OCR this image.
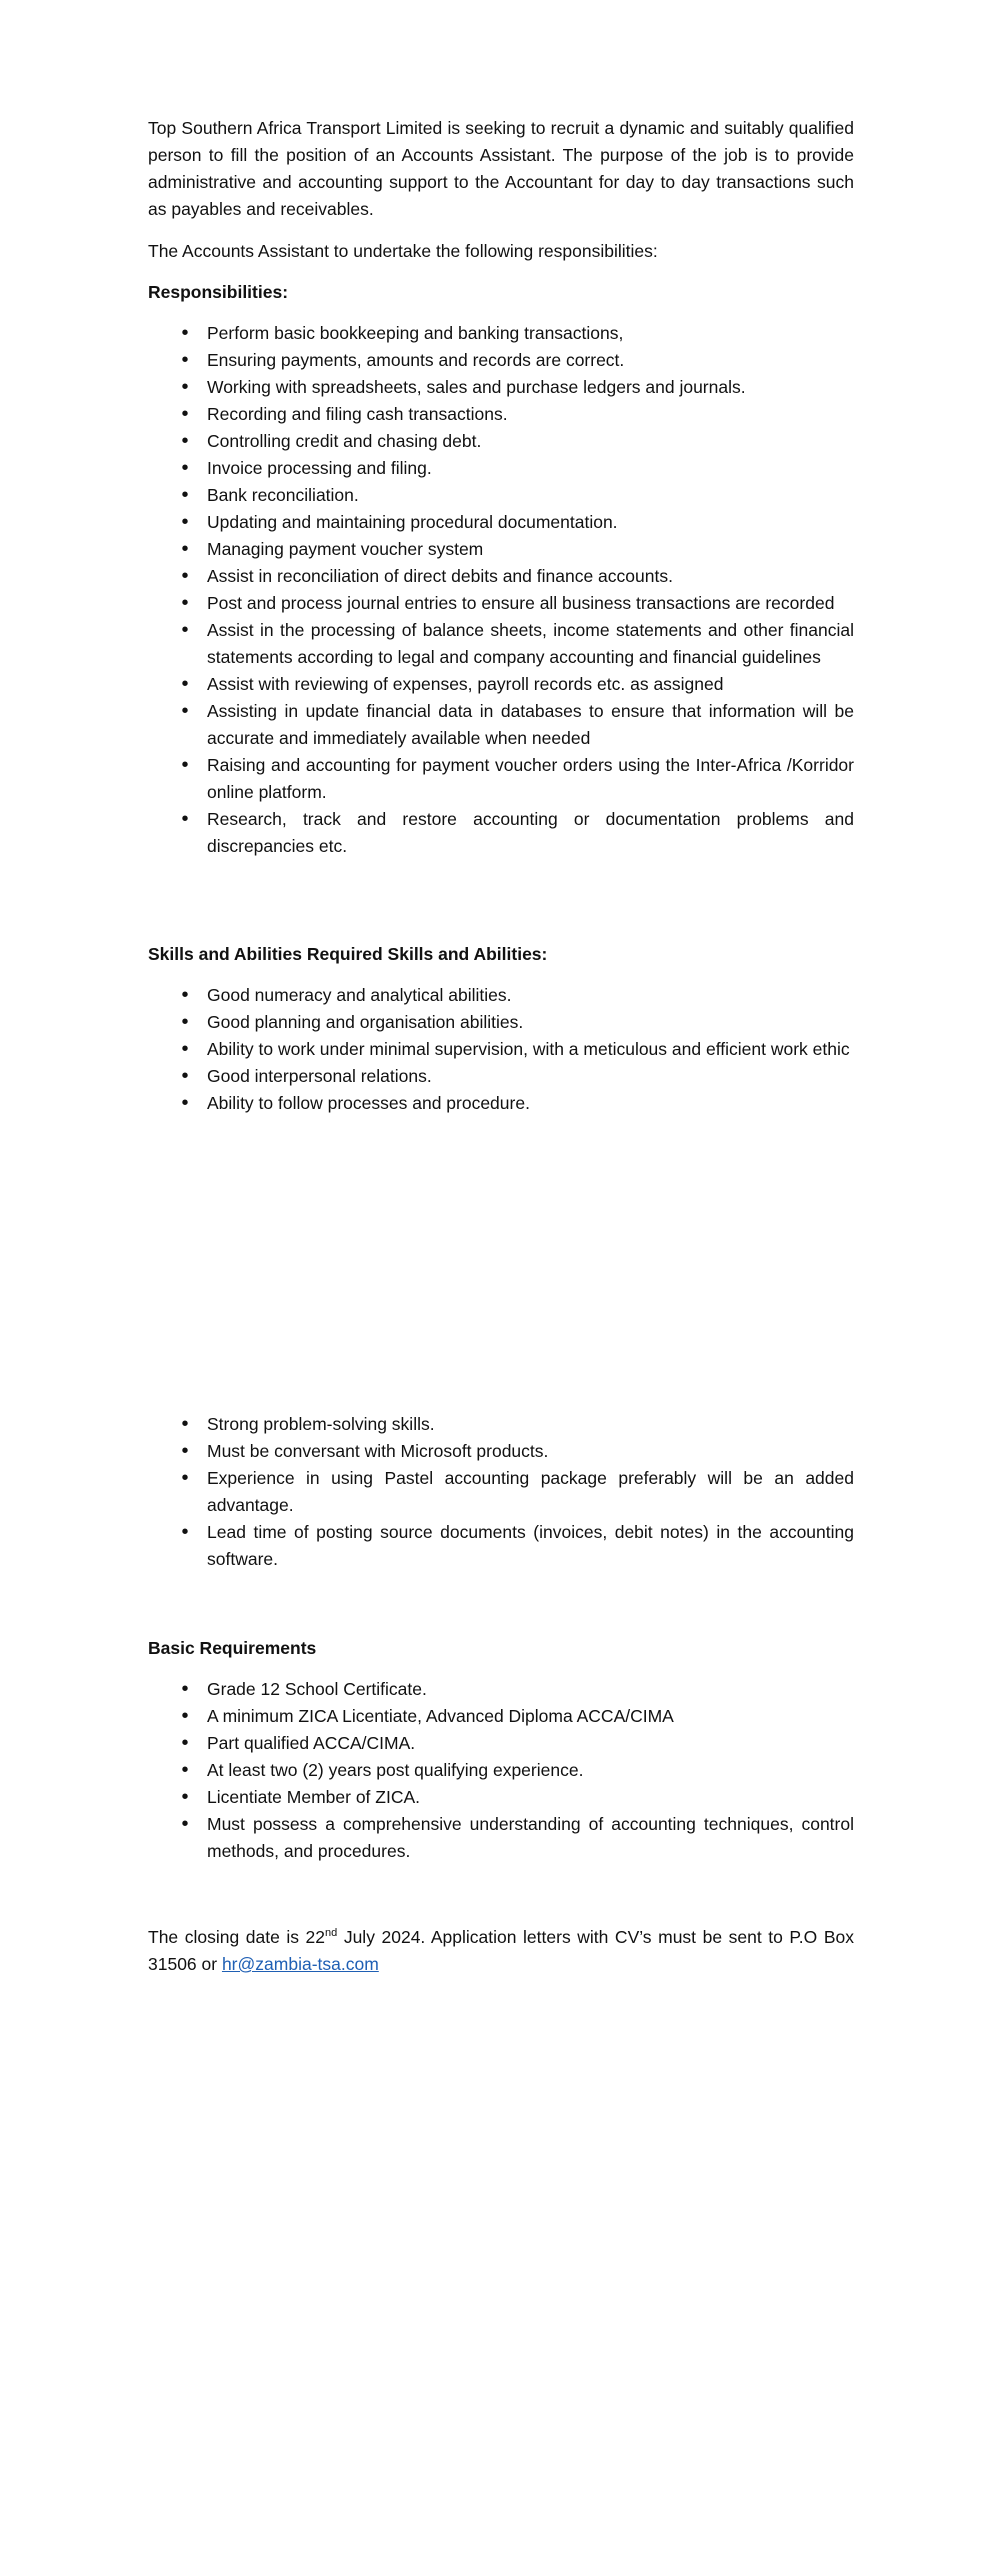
Top Southern Africa Transport Limited is seeking to recruit a dynamic and suitably qualified person to fill the position of an Accounts Assistant. The purpose of the job is to provide administrative and accounting support to the Accountant for day to day transactions such as payables and receivables.

The Accounts Assistant to undertake the following responsibilities:

Responsibilities:
•
Perform basic bookkeeping and banking transactions,
•
Ensuring payments, amounts and records are correct.
•
Working with spreadsheets, sales and purchase ledgers and journals.
•
Recording and filing cash transactions.
•
Controlling credit and chasing debt.
•
Invoice processing and filing.
•
Bank reconciliation.
•
Updating and maintaining procedural documentation.
•
Managing payment voucher system
•
Assist in reconciliation of direct debits and finance accounts.
•
Post and process journal entries to ensure all business transactions are recorded
•
Assist in the processing of balance sheets, income statements and other financial statements according to legal and company accounting and financial guidelines
•
Assist with reviewing of expenses, payroll records etc. as assigned
•
Assisting in update financial data in databases to ensure that information will be accurate and immediately available when needed
•
Raising and accounting for payment voucher orders using the Inter-Africa /Korridor online platform.
•
Research, track and restore accounting or documentation problems and discrepancies etc.
Skills and Abilities Required Skills and Abilities:
•
Good numeracy and analytical abilities.
•
Good planning and organisation abilities.
•
Ability to work under minimal supervision, with a meticulous and efficient work ethic
•
Good interpersonal relations.
•
Ability to follow processes and procedure.
•
Strong problem-solving skills.
•
Must be conversant with Microsoft products.
•
Experience in using Pastel accounting package preferably will be an added advantage.
•
Lead time of posting source documents (invoices, debit notes) in the accounting software.
Basic Requirements
•
Grade 12 School Certificate.
•
A minimum ZICA Licentiate, Advanced Diploma ACCA/CIMA
•
Part qualified ACCA/CIMA.
•
At least two (2) years post qualifying experience.
•
Licentiate Member of ZICA.
•
Must possess a comprehensive understanding of accounting techniques, control methods, and procedures.

The closing date is 22nd July 2024. Application letters with CV’s must be sent to P.O Box 31506 or hr@zambia-tsa.com
